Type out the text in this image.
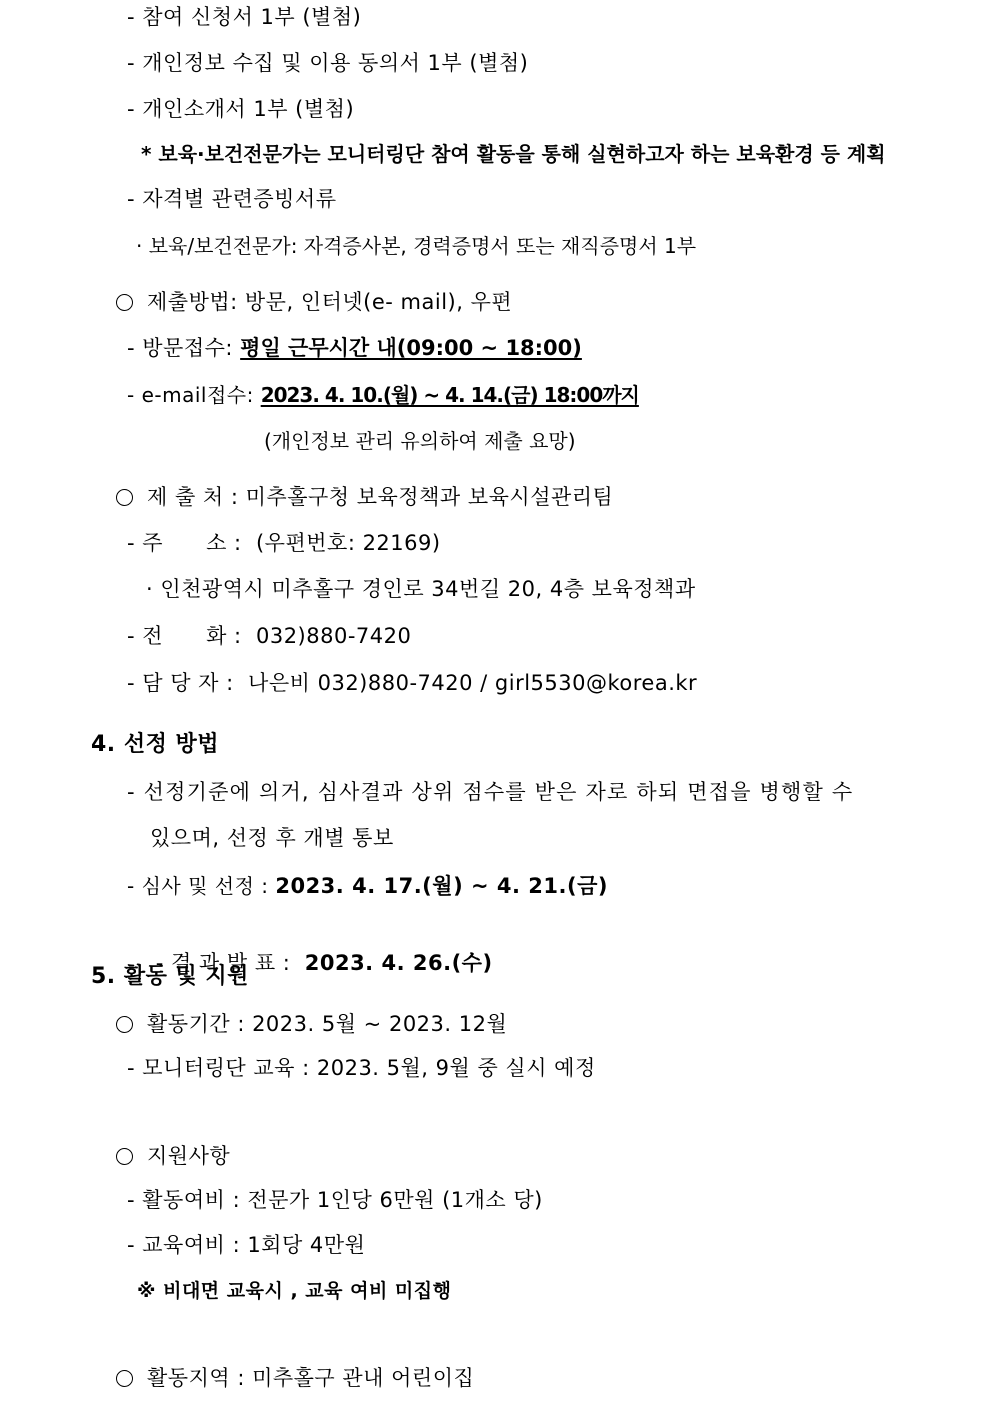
- 참여 신청서 1부 (별첨)
- 개인정보 수집 및 이용 동의서 1부 (별첨)
- 개인소개서 1부 (별첨)
* 보육·보건전문가는 모니터링단 참여 활동을 통해 실현하고자 하는 보육환경 등 계획
- 자격별 관련증빙서류
· 보육/보건전문가: 자격증사본, 경력증명서 또는 재직증명서 1부
제출방법: 방문, 인터넷(e- mail), 우편
- 방문접수: 평일 근무시간 내(09:00 ~ 18:00)
- e-mail접수: 2023. 4. 10.(월) ~ 4. 14.(금) 18:00까지
(개인정보 관리 유의하여 제출 요망)
제 출 처 : 미추홀구청 보육정책과 보육시설관리팀
- 주      소 :  (우편번호: 22169)
· 인천광역시 미추홀구 경인로 34번길 20, 4층 보육정책과
- 전      화 :  032)880-7420
- 담 당 자 :  나은비 032)880-7420 / girl5530@korea.kr
4. 선정 방법
- 선정기준에 의거, 심사결과 상위 점수를 받은 자로 하되 면접을 병행할 수
있으며, 선정 후 개별 통보
- 심사 및 선정 : 2023. 4. 17.(월) ~ 4. 21.(금)

- 결 과 발 표 :  2023. 4. 26.(수)

5. 활동 및 지원
활동기간 : 2023. 5월 ~ 2023. 12월
- 모니터링단 교육 : 2023. 5월, 9월 중 실시 예정
지원사항
- 활동여비 : 전문가 1인당 6만원 (1개소 당)
- 교육여비 : 1회당 4만원
※ 비대면 교육시 , 교육 여비 미집행
활동지역 : 미추홀구 관내 어린이집
